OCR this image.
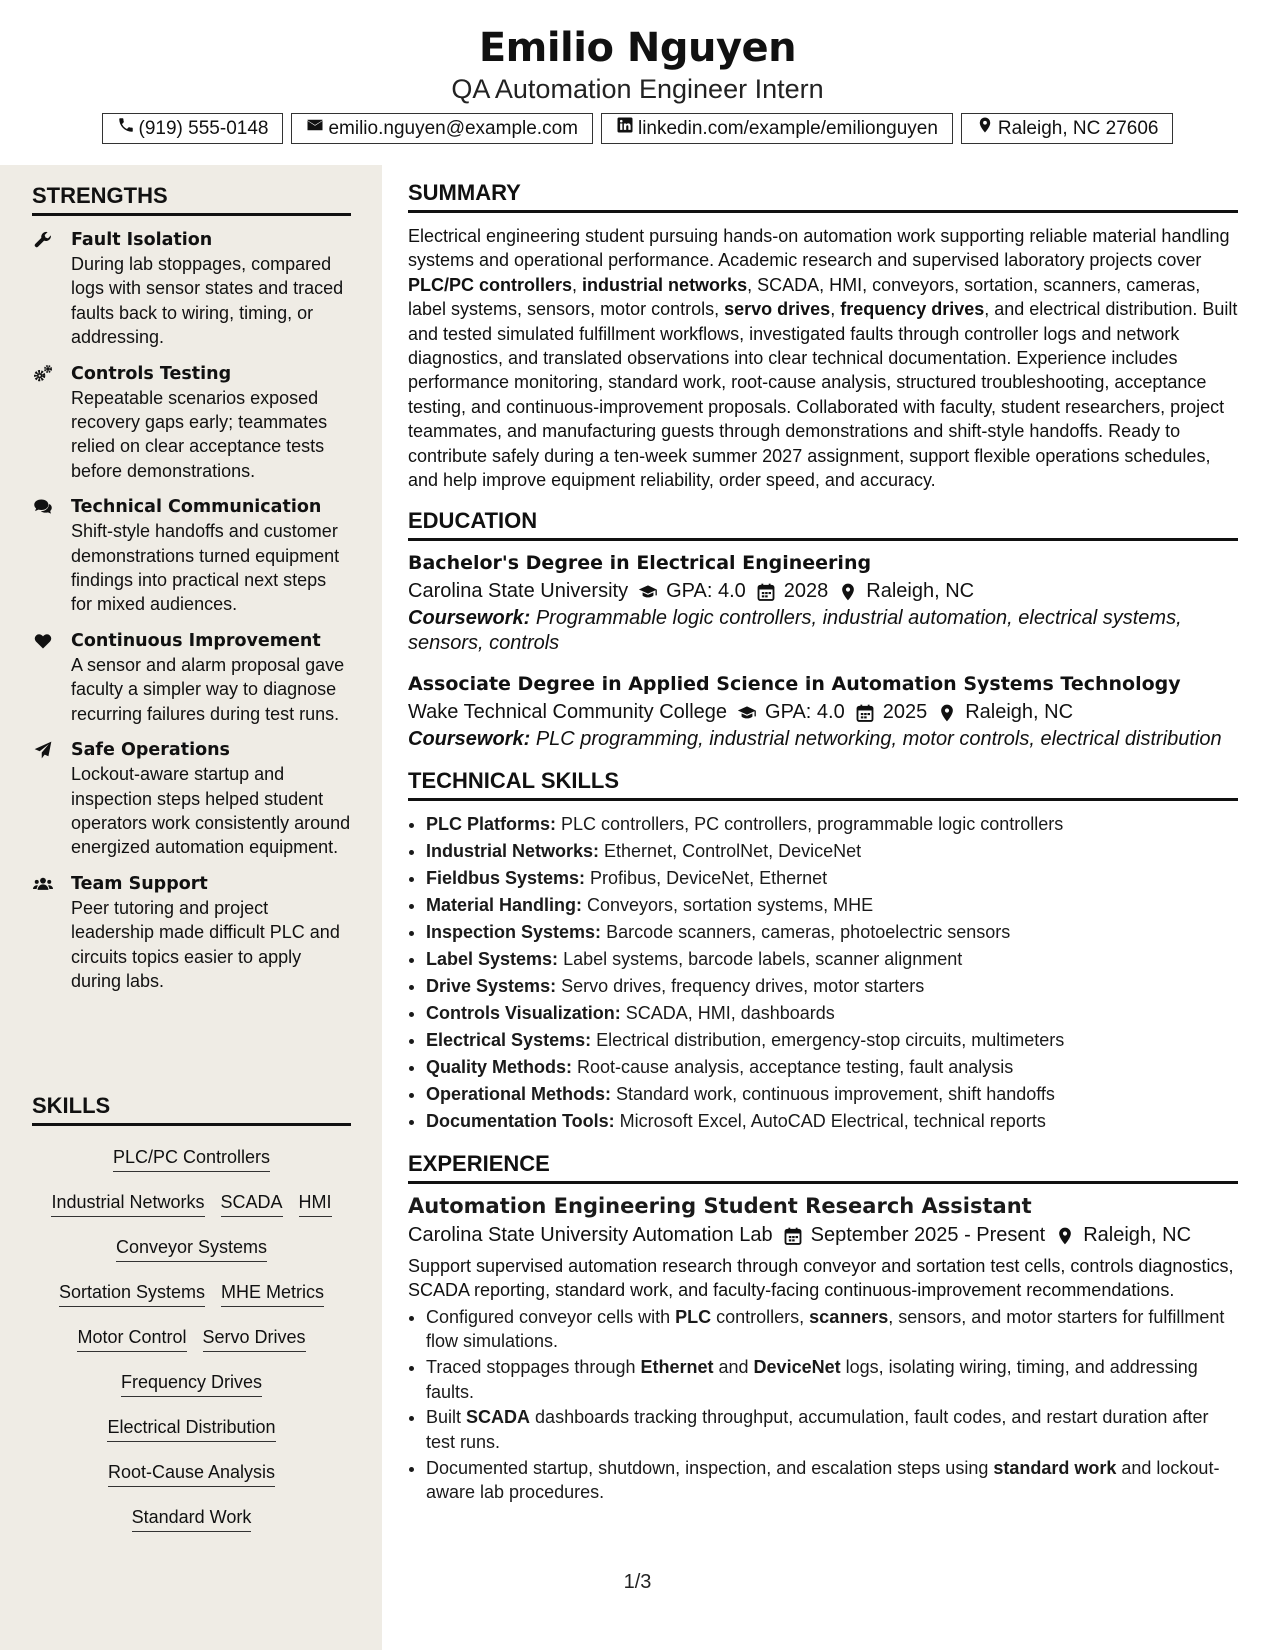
Emilio Nguyen
QA Automation Engineer Intern
(919) 555-0148	emilio.nguyen@example.com	linkedin.com/example/emilionguyen	Raleigh, NC 27606
STRENGTHS
Fault Isolation
During lab stoppages, compared logs with sensor states and traced faults back to wiring, timing, or addressing.
Controls Testing
Repeatable scenarios exposed recovery gaps early; teammates relied on clear acceptance tests before demonstrations.
Technical Communication
Shift-style handoffs and customer demonstrations turned equipment findings into practical next steps for mixed audiences.
Continuous Improvement
A sensor and alarm proposal gave faculty a simpler way to diagnose recurring failures during test runs.
Safe Operations
Lockout-aware startup and inspection steps helped student operators work consistently around energized automation equipment.
Team Support
Peer tutoring and project leadership made difficult PLC and circuits topics easier to apply during labs.
SKILLS
PLC/PC Controllers
Industrial Networks SCADA HMI
Conveyor Systems
Sortation Systems MHE Metrics
Motor Control Servo Drives
Frequency Drives
Electrical Distribution
Root-Cause Analysis
Standard Work
SUMMARY
Electrical engineering student pursuing hands-on automation work supporting reliable material handling systems and operational performance. Academic research and supervised laboratory projects cover PLC/PC controllers, industrial networks, SCADA, HMI, conveyors, sortation, scanners, cameras, label systems, sensors, motor controls, servo drives, frequency drives, and electrical distribution. Built and tested simulated fulfillment workflows, investigated faults through controller logs and network diagnostics, and translated observations into clear technical documentation. Experience includes performance monitoring, standard work, root-cause analysis, structured troubleshooting, acceptance testing, and continuous-improvement proposals. Collaborated with faculty, student researchers, project teammates, and manufacturing guests through demonstrations and shift-style handoffs. Ready to contribute safely during a ten-week summer 2027 assignment, support flexible operations schedules, and help improve equipment reliability, order speed, and accuracy.
EDUCATION
Bachelor's Degree in Electrical Engineering
Carolina State University GPA: 4.0 2028 Raleigh, NC
Coursework: Programmable logic controllers, industrial automation, electrical systems, sensors, controls
Associate Degree in Applied Science in Automation Systems Technology
Wake Technical Community College GPA: 4.0 2025 Raleigh, NC
Coursework: PLC programming, industrial networking, motor controls, electrical distribution
TECHNICAL SKILLS
• PLC Platforms: PLC controllers, PC controllers, programmable logic controllers
• Industrial Networks: Ethernet, ControlNet, DeviceNet
• Fieldbus Systems: Profibus, DeviceNet, Ethernet
• Material Handling: Conveyors, sortation systems, MHE
• Inspection Systems: Barcode scanners, cameras, photoelectric sensors
• Label Systems: Label systems, barcode labels, scanner alignment
• Drive Systems: Servo drives, frequency drives, motor starters
• Controls Visualization: SCADA, HMI, dashboards
• Electrical Systems: Electrical distribution, emergency-stop circuits, multimeters
• Quality Methods: Root-cause analysis, acceptance testing, fault analysis
• Operational Methods: Standard work, continuous improvement, shift handoffs
• Documentation Tools: Microsoft Excel, AutoCAD Electrical, technical reports
EXPERIENCE
Automation Engineering Student Research Assistant
Carolina State University Automation Lab September 2025 - Present Raleigh, NC
Support supervised automation research through conveyor and sortation test cells, controls diagnostics, SCADA reporting, standard work, and faculty-facing continuous-improvement recommendations.
• Configured conveyor cells with PLC controllers, scanners, sensors, and motor starters for fulfillment flow simulations.
• Traced stoppages through Ethernet and DeviceNet logs, isolating wiring, timing, and addressing faults.
• Built SCADA dashboards tracking throughput, accumulation, fault codes, and restart duration after test runs.
• Documented startup, shutdown, inspection, and escalation steps using standard work and lockout-aware lab procedures.
1/3
